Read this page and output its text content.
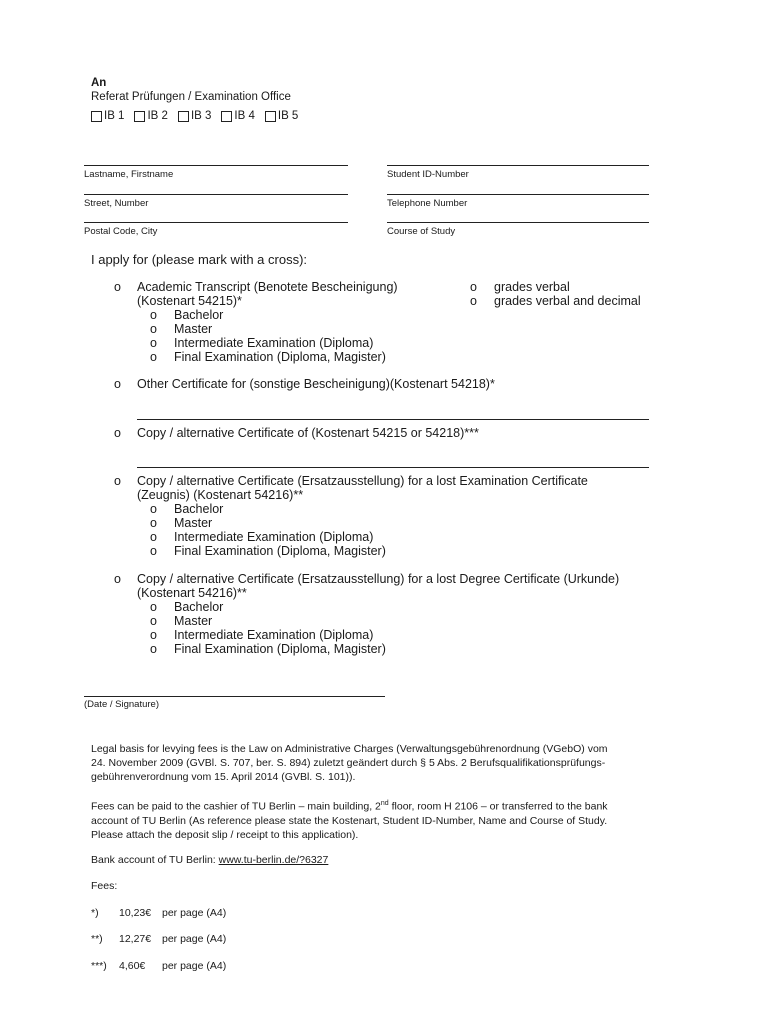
An
Referat Prüfungen / Examination Office
IB 1 IB 2 IB 3 IB 4 IB 5
Lastname, Firstname	Student ID-Number
Street, Number	Telephone Number
Postal Code, City	Course of Study
I apply for (please mark with a cross):
o Academic Transcript (Benotete Bescheinigung)
(Kostenart 54215)*
o Bachelor
o Master
o Intermediate Examination (Diploma)
o Final Examination (Diploma, Magister)
o grades verbal
o grades verbal and decimal
o Other Certificate for (sonstige Bescheinigung)(Kostenart 54218)*
o Copy / alternative Certificate of (Kostenart 54215 or 54218)***
o Copy / alternative Certificate (Ersatzausstellung) for a lost Examination Certificate
(Zeugnis) (Kostenart 54216)**
o Bachelor
o Master
o Intermediate Examination (Diploma)
o Final Examination (Diploma, Magister)
o Copy / alternative Certificate (Ersatzausstellung) for a lost Degree Certificate (Urkunde)
(Kostenart 54216)**
o Bachelor
o Master
o Intermediate Examination (Diploma)
o Final Examination (Diploma, Magister)
(Date / Signature)
Legal basis for levying fees is the Law on Administrative Charges (Verwaltungsgebührenordnung (VGebO) vom
24. November 2009 (GVBl. S. 707, ber. S. 894) zuletzt geändert durch § 5 Abs. 2 Berufsqualifikationsprüfungs-
gebührenverordnung vom 15. April 2014 (GVBl. S. 101)).
Fees can be paid to the cashier of TU Berlin – main building, 2nd floor, room H 2106 – or transferred to the bank
account of TU Berlin (As reference please state the Kostenart, Student ID-Number, Name and Course of Study.
Please attach the deposit slip / receipt to this application).
Bank account of TU Berlin: www.tu-berlin.de/?6327
Fees:
*) 10,23€ per page (A4)
**) 12,27€ per page (A4)
***) 4,60€ per page (A4)
